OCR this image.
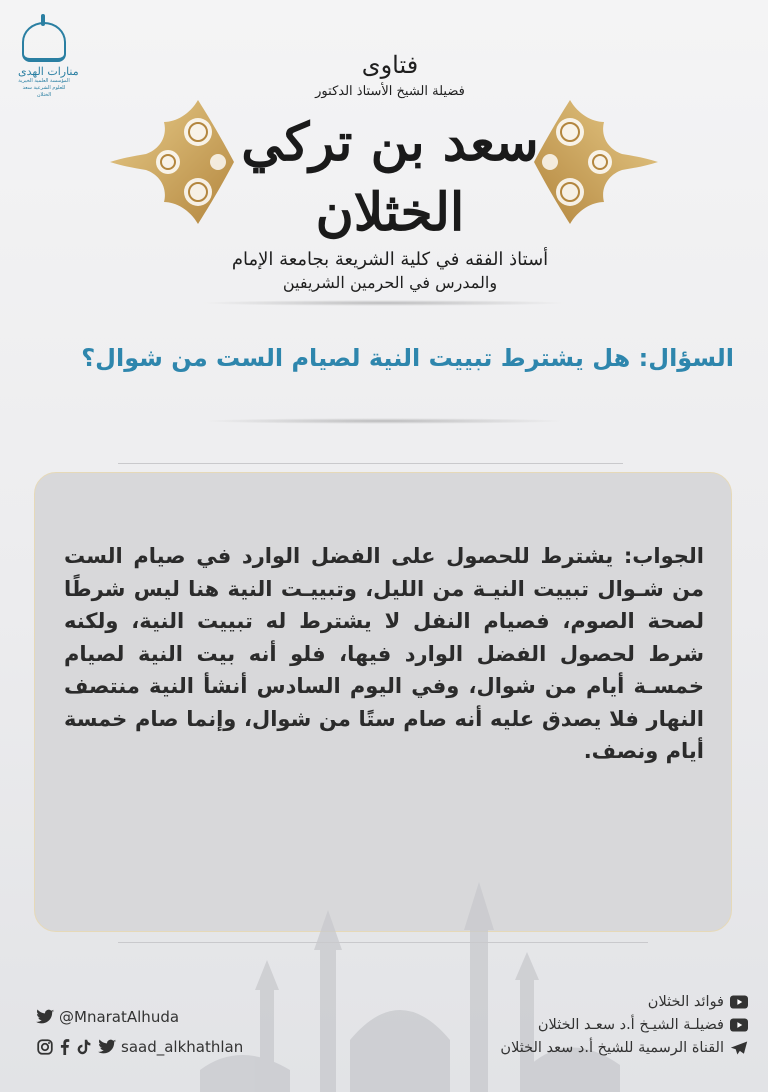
منارات الهدى
المؤسسة العلمية الخيرية للعلوم الشرعية سعد الخثلان
فتاوى
فضيلة الشيخ الأستاذ الدكتور
سعد بن تركي الخثلان
أستاذ الفقه في كلية الشريعة بجامعة الإمام
والمدرس في الحرمين الشريفين
السؤال: هل يشترط تبييت النية لصيام الست من شوال؟
الجواب: يشترط للحصول على الفضل الوارد في صيام الست من شـوال تبييت النيـة من الليل، وتبييـت النية هنا ليس شرطًا لصحة الصوم، فصيام النفل لا يشترط له تبييت النية، ولكنه شرط لحصول الفضل الوارد فيها، فلو أنه بيت النية لصيام خمسـة أيام من شوال، وفي اليوم السادس أنشأ النية منتصف النهار فلا يصدق عليه أنه صام ستًا من شوال، وإنما صام خمسة أيام ونصف.
@MnaratAlhuda
saad_alkhathlan
فوائد الخثلان
فضيلـة الشيـخ أ.د سعـد الخثلان
القناة الرسمية للشيخ أ.د سعد الخثلان
